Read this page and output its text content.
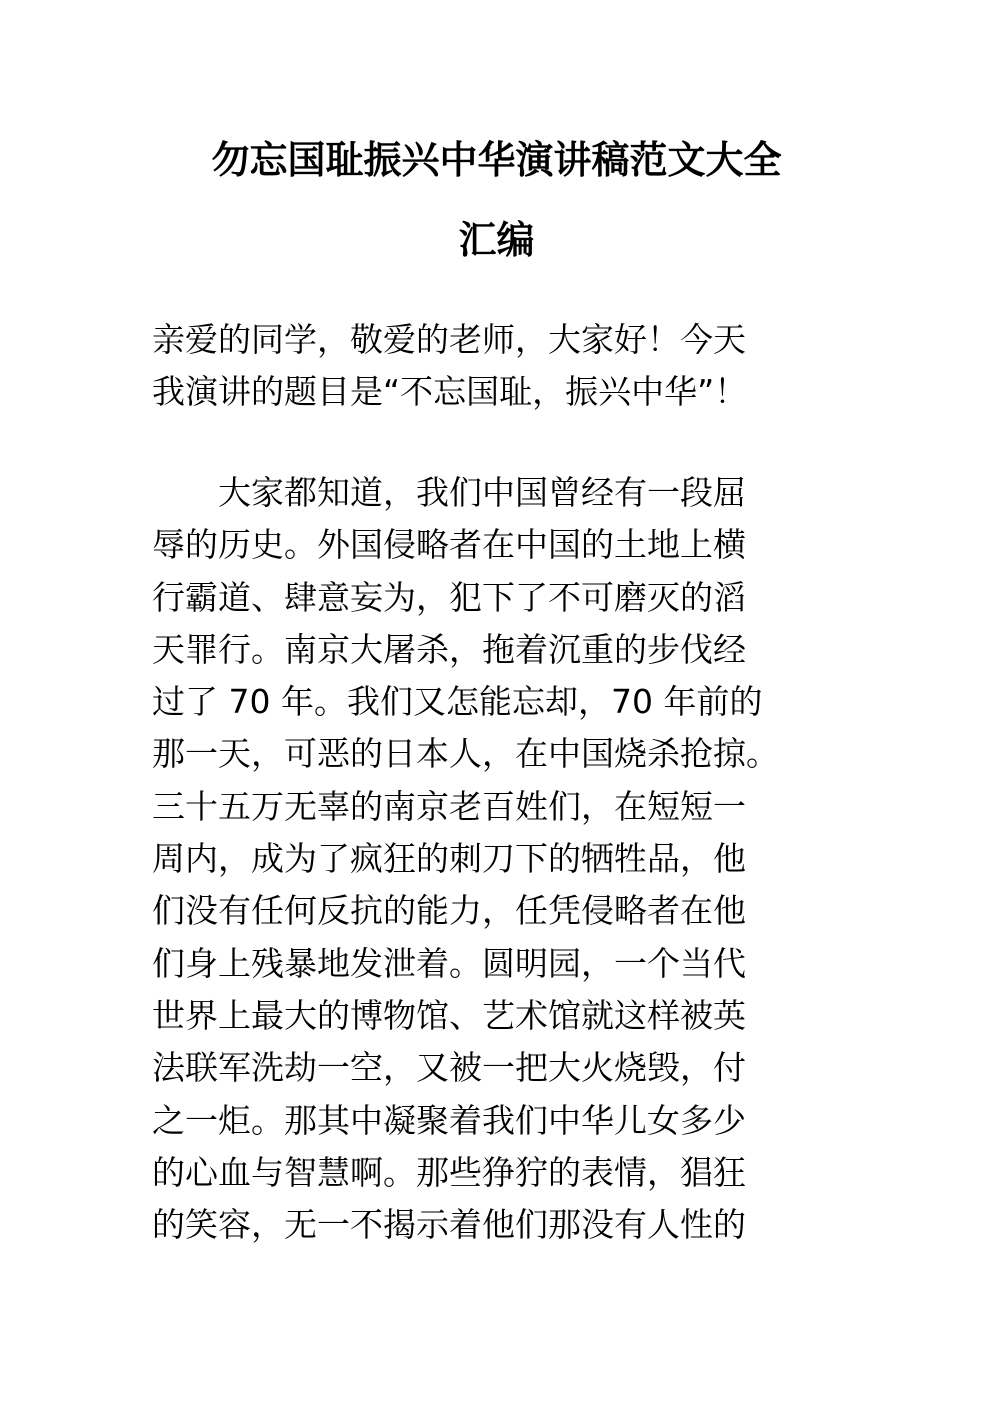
勿忘国耻振兴中华演讲稿范文大全
汇编
亲爱的同学，敬爱的老师，大家好！今天
我演讲的题目是“不忘国耻，振兴中华”！
　　大家都知道，我们中国曾经有一段屈
辱的历史。外国侵略者在中国的土地上横
行霸道、肆意妄为，犯下了不可磨灭的滔
天罪行。南京大屠杀，拖着沉重的步伐经
过了 70 年。我们又怎能忘却，70 年前的
那一天，可恶的日本人，在中国烧杀抢掠。
三十五万无辜的南京老百姓们，在短短一
周内，成为了疯狂的刺刀下的牺牲品，他
们没有任何反抗的能力，任凭侵略者在他
们身上残暴地发泄着。圆明园，一个当代
世界上最大的博物馆、艺术馆就这样被英
法联军洗劫一空，又被一把大火烧毁，付
之一炬。那其中凝聚着我们中华儿女多少
的心血与智慧啊。那些狰狞的表情，猖狂
的笑容，无一不揭示着他们那没有人性的
